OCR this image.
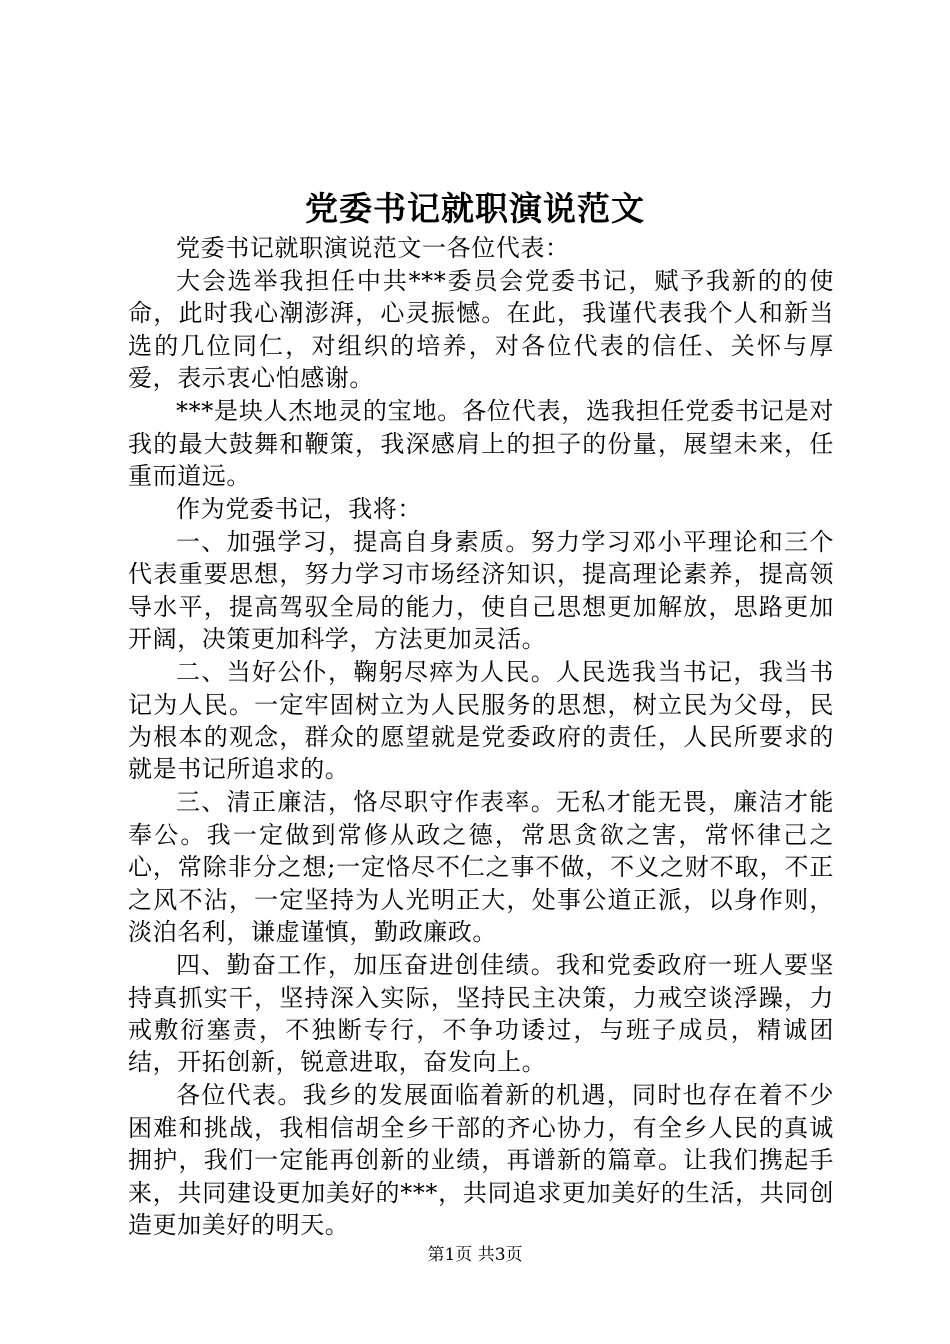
党委书记就职演说范文

党委书记就职演说范文一各位代表：

大会选举我担任中共***委员会党委书记，赋予我新的的使命，此时我心潮澎湃，心灵振憾。在此，我谨代表我个人和新当选的几位同仁，对组织的培养，对各位代表的信任、关怀与厚爱，表示衷心怕感谢。

***是块人杰地灵的宝地。各位代表，选我担任党委书记是对我的最大鼓舞和鞭策，我深感肩上的担子的份量，展望未来，任重而道远。

作为党委书记，我将：

一、加强学习，提高自身素质。努力学习邓小平理论和三个代表重要思想，努力学习市场经济知识，提高理论素养，提高领导水平，提高驾驭全局的能力，使自己思想更加解放，思路更加开阔，决策更加科学，方法更加灵活。

二、当好公仆，鞠躬尽瘁为人民。人民选我当书记，我当书记为人民。一定牢固树立为人民服务的思想，树立民为父母，民为根本的观念，群众的愿望就是党委政府的责任，人民所要求的就是书记所追求的。

三、清正廉洁，恪尽职守作表率。无私才能无畏，廉洁才能奉公。我一定做到常修从政之德，常思贪欲之害，常怀律己之心，常除非分之想;一定恪尽不仁之事不做，不义之财不取，不正之风不沾，一定坚持为人光明正大，处事公道正派，以身作则，淡泊名利，谦虚谨慎，勤政廉政。

四、勤奋工作，加压奋进创佳绩。我和党委政府一班人要坚持真抓实干，坚持深入实际，坚持民主决策，力戒空谈浮躁，力戒敷衍塞责，不独断专行，不争功诿过，与班子成员，精诚团结，开拓创新，锐意进取，奋发向上。

各位代表。我乡的发展面临着新的机遇，同时也存在着不少困难和挑战，我相信胡全乡干部的齐心协力，有全乡人民的真诚拥护，我们一定能再创新的业绩，再谱新的篇章。让我们携起手来，共同建设更加美好的***，共同追求更加美好的生活，共同创造更加美好的明天。

第1页 共3页
